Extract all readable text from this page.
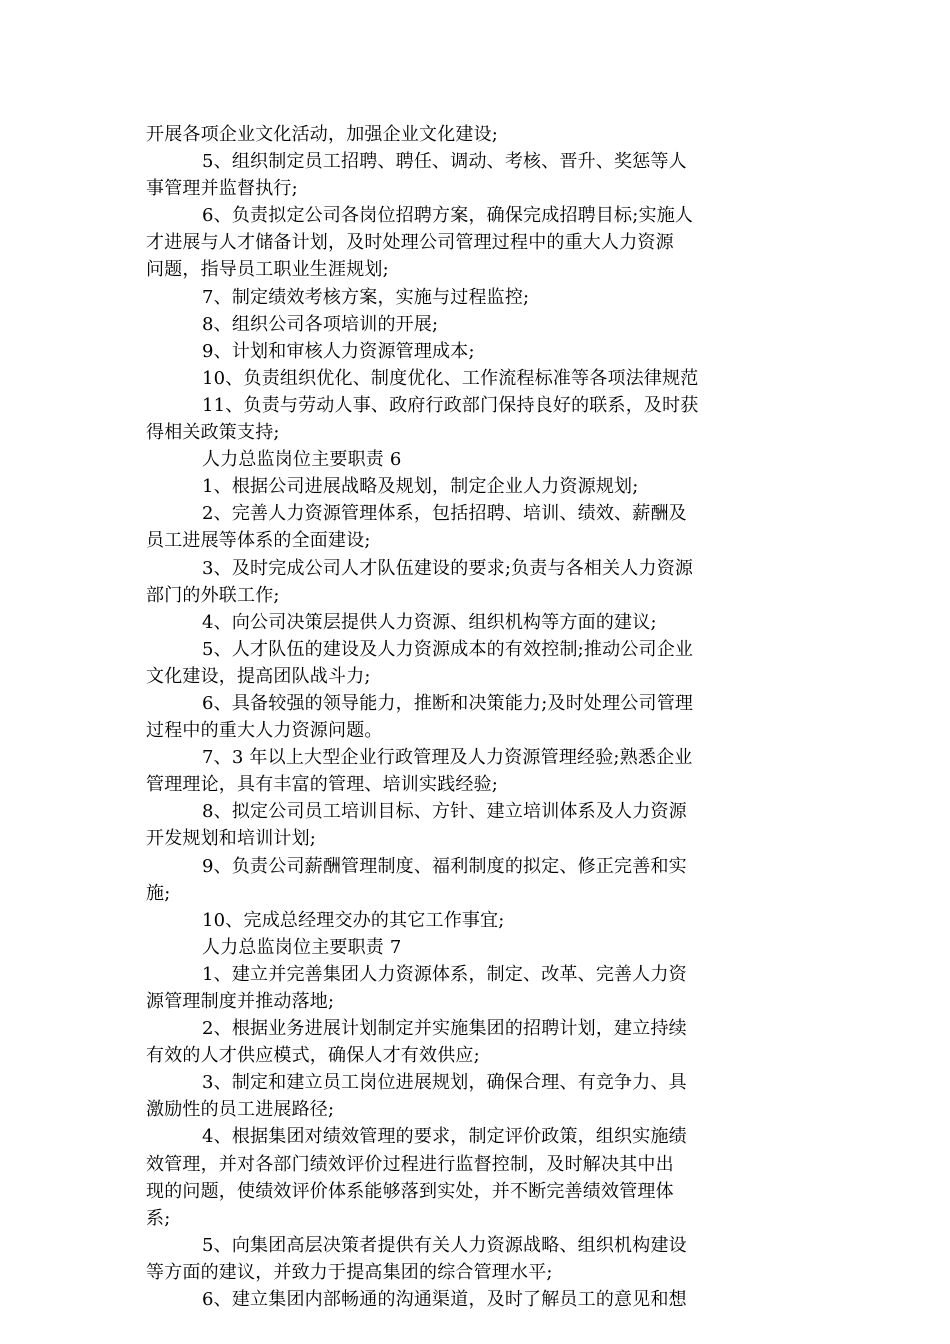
开展各项企业文化活动，加强企业文化建设;
5、组织制定员工招聘、聘任、调动、考核、晋升、奖惩等人
事管理并监督执行;
6、负责拟定公司各岗位招聘方案，确保完成招聘目标;实施人
才进展与人才储备计划，及时处理公司管理过程中的重大人力资源
问题，指导员工职业生涯规划;
7、制定绩效考核方案，实施与过程监控;
8、组织公司各项培训的开展;
9、计划和审核人力资源管理成本;
10、负责组织优化、制度优化、工作流程标准等各项法律规范
11、负责与劳动人事、政府行政部门保持良好的联系，及时获
得相关政策支持;
人力总监岗位主要职责 6
1、根据公司进展战略及规划，制定企业人力资源规划;
2、完善人力资源管理体系，包括招聘、培训、绩效、薪酬及
员工进展等体系的全面建设;
3、及时完成公司人才队伍建设的要求;负责与各相关人力资源
部门的外联工作;
4、向公司决策层提供人力资源、组织机构等方面的建议;
5、人才队伍的建设及人力资源成本的有效控制;推动公司企业
文化建设，提高团队战斗力;
6、具备较强的领导能力，推断和决策能力;及时处理公司管理
过程中的重大人力资源问题。
7、3 年以上大型企业行政管理及人力资源管理经验;熟悉企业
管理理论，具有丰富的管理、培训实践经验;
8、拟定公司员工培训目标、方针、建立培训体系及人力资源
开发规划和培训计划;
9、负责公司薪酬管理制度、福利制度的拟定、修正完善和实
施;
10、完成总经理交办的其它工作事宜;
人力总监岗位主要职责 7
1、建立并完善集团人力资源体系，制定、改革、完善人力资
源管理制度并推动落地;
2、根据业务进展计划制定并实施集团的招聘计划，建立持续
有效的人才供应模式，确保人才有效供应;
3、制定和建立员工岗位进展规划，确保合理、有竞争力、具
激励性的员工进展路径;
4、根据集团对绩效管理的要求，制定评价政策，组织实施绩
效管理，并对各部门绩效评价过程进行监督控制，及时解决其中出
现的问题，使绩效评价体系能够落到实处，并不断完善绩效管理体
系;
5、向集团高层决策者提供有关人力资源战略、组织机构建设
等方面的建议，并致力于提高集团的综合管理水平;
6、建立集团内部畅通的沟通渠道，及时了解员工的意见和想
